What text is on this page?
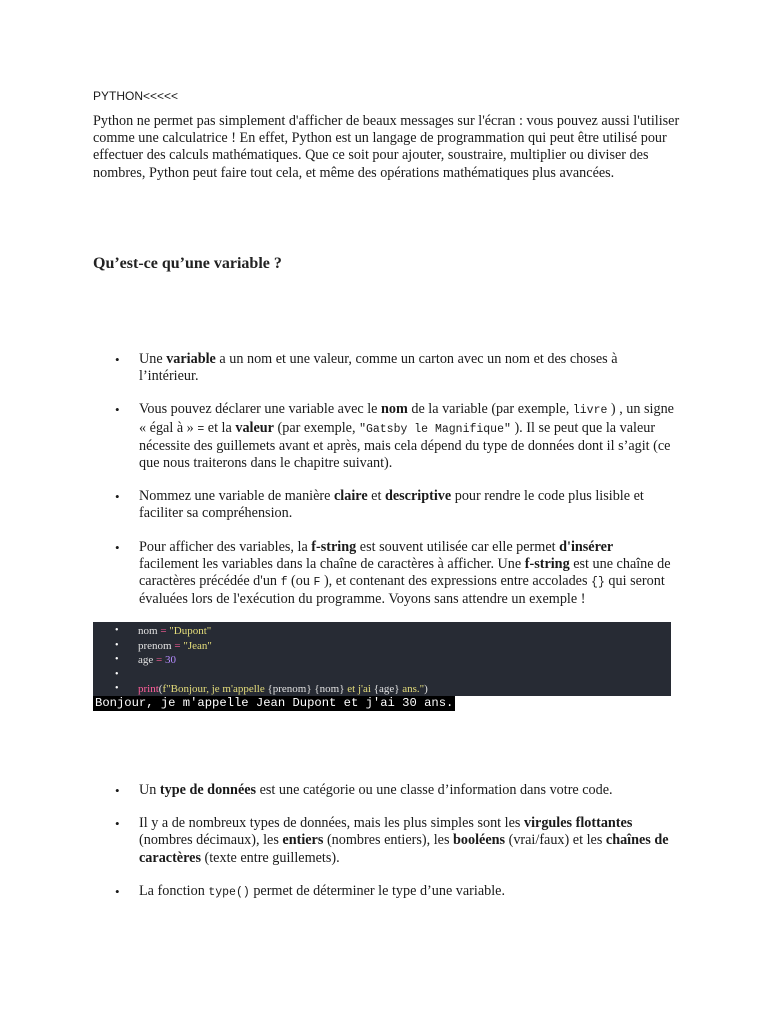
PYTHON<<<<<

Python ne permet pas simplement d'afficher de beaux messages sur l'écran : vous pouvez aussi l'utiliser comme une calculatrice ! En effet, Python est un langage de programmation qui peut être utilisé pour effectuer des calculs mathématiques. Que ce soit pour ajouter, soustraire, multiplier ou diviser des nombres, Python peut faire tout cela, et même des opérations mathématiques plus avancées.

Qu’est-ce qu’une variable ?
• Une variable a un nom et une valeur, comme un carton avec un nom et des choses à l’intérieur.
• Vous pouvez déclarer une variable avec le nom de la variable (par exemple, livre ) , un signe « égal à » = et la valeur (par exemple, "Gatsby le Magnifique" ). Il se peut que la valeur nécessite des guillemets avant et après, mais cela dépend du type de données dont il s’agit (ce que nous traiterons dans le chapitre suivant).
• Nommez une variable de manière claire et descriptive pour rendre le code plus lisible et faciliter sa compréhension.
• Pour afficher des variables, la f-string est souvent utilisée car elle permet d'insérer facilement les variables dans la chaîne de caractères à afficher. Une f-string est une chaîne de caractères précédée d'un f (ou F ), et contenant des expressions entre accolades {} qui seront évaluées lors de l'exécution du programme. Voyons sans attendre un exemple !
• nom = "Dupont"
• prenom = "Jean"
• age = 30
•
• print(f"Bonjour, je m'appelle {prenom} {nom} et j'ai {age} ans.")
Bonjour, je m'appelle Jean Dupont et j'ai 30 ans.
• Un type de données est une catégorie ou une classe d’information dans votre code.
• Il y a de nombreux types de données, mais les plus simples sont les virgules flottantes (nombres décimaux), les entiers (nombres entiers), les booléens (vrai/faux) et les chaînes de caractères (texte entre guillemets).
• La fonction type() permet de déterminer le type d’une variable.
